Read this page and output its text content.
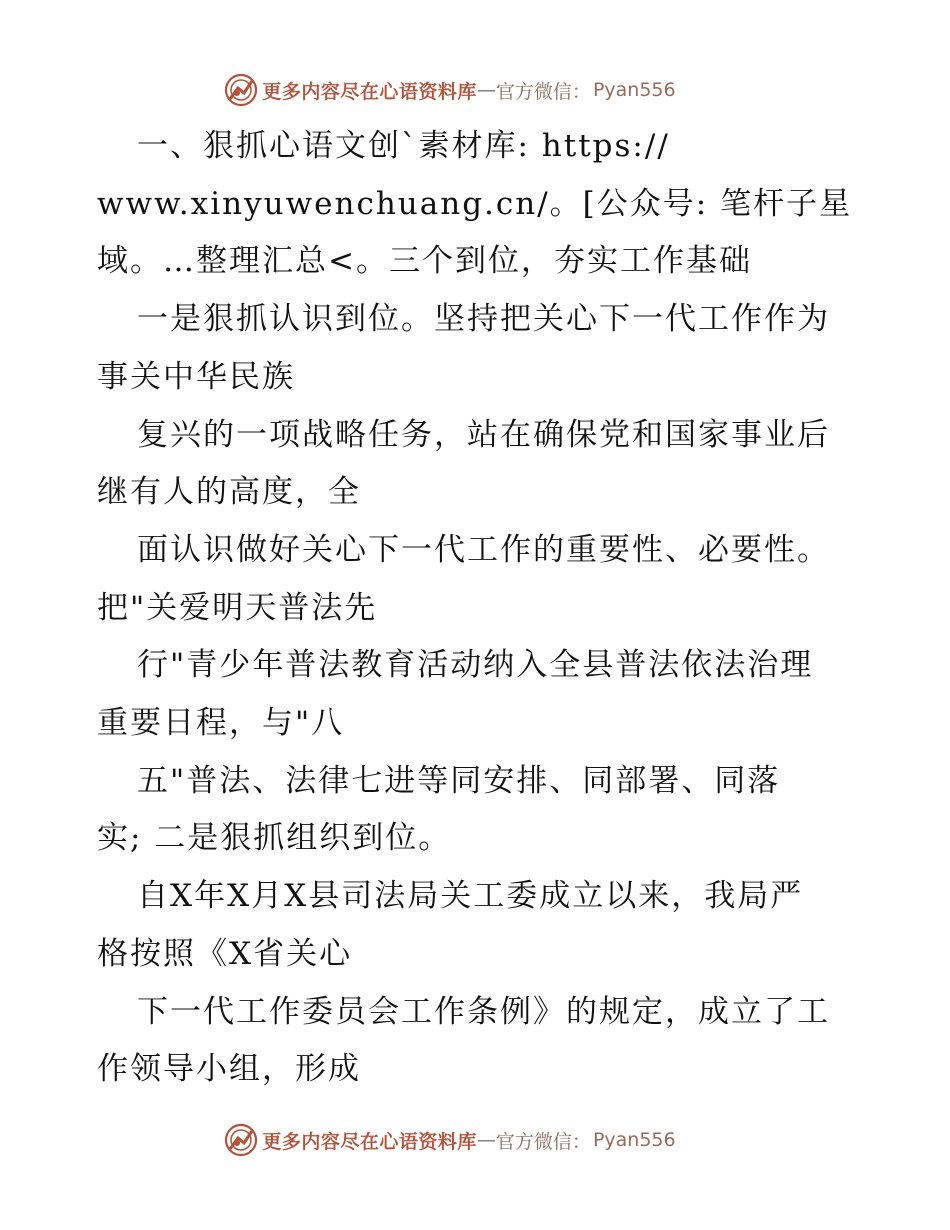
更多内容尽在心语资料库 — 官方微信： Pyan556

一、狠抓心语文创`素材库: https://

www.xinyuwenchuang.cn/。[公众号: 笔杆子星

域。…整理汇总<。三个到位，夯实工作基础

一是狠抓认识到位。坚持把关心下一代工作作为

事关中华民族

复兴的一项战略任务，站在确保党和国家事业后

继有人的高度，全

面认识做好关心下一代工作的重要性、必要性。

把"关爱明天普法先

行"青少年普法教育活动纳入全县普法依法治理

重要日程，与"八

五"普法、法律七进等同安排、同部署、同落

实; 二是狠抓组织到位。

自X年X月X县司法局关工委成立以来，我局严

格按照《X省关心

下一代工作委员会工作条例》的规定，成立了工

作领导小组，形成

更多内容尽在心语资料库 — 官方微信： Pyan556
